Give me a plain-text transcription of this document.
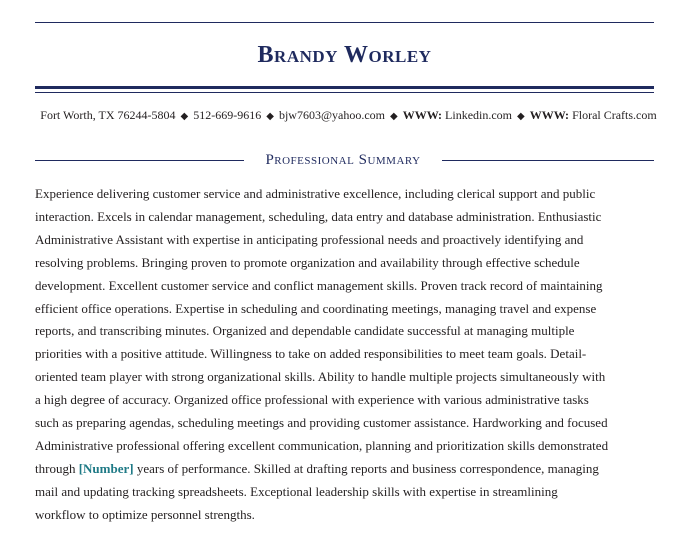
Brandy Worley
Fort Worth, TX 76244-5804 ◆ 512-669-9616 ◆ bjw7603@yahoo.com ◆ WWW: Linkedin.com ◆ WWW: Floral Crafts.com
Professional Summary
Experience delivering customer service and administrative excellence, including clerical support and public
interaction. Excels in calendar management, scheduling, data entry and database administration. Enthusiastic
Administrative Assistant with expertise in anticipating professional needs and proactively identifying and
resolving problems. Bringing proven to promote organization and availability through effective schedule
development. Excellent customer service and conflict management skills. Proven track record of maintaining
efficient office operations. Expertise in scheduling and coordinating meetings, managing travel and expense
reports, and transcribing minutes. Organized and dependable candidate successful at managing multiple
priorities with a positive attitude. Willingness to take on added responsibilities to meet team goals. Detail-
oriented team player with strong organizational skills. Ability to handle multiple projects simultaneously with
a high degree of accuracy. Organized office professional with experience with various administrative tasks
such as preparing agendas, scheduling meetings and providing customer assistance. Hardworking and focused
Administrative professional offering excellent communication, planning and prioritization skills demonstrated
through [Number] years of performance. Skilled at drafting reports and business correspondence, managing
mail and updating tracking spreadsheets. Exceptional leadership skills with expertise in streamlining
workflow to optimize personnel strengths.
